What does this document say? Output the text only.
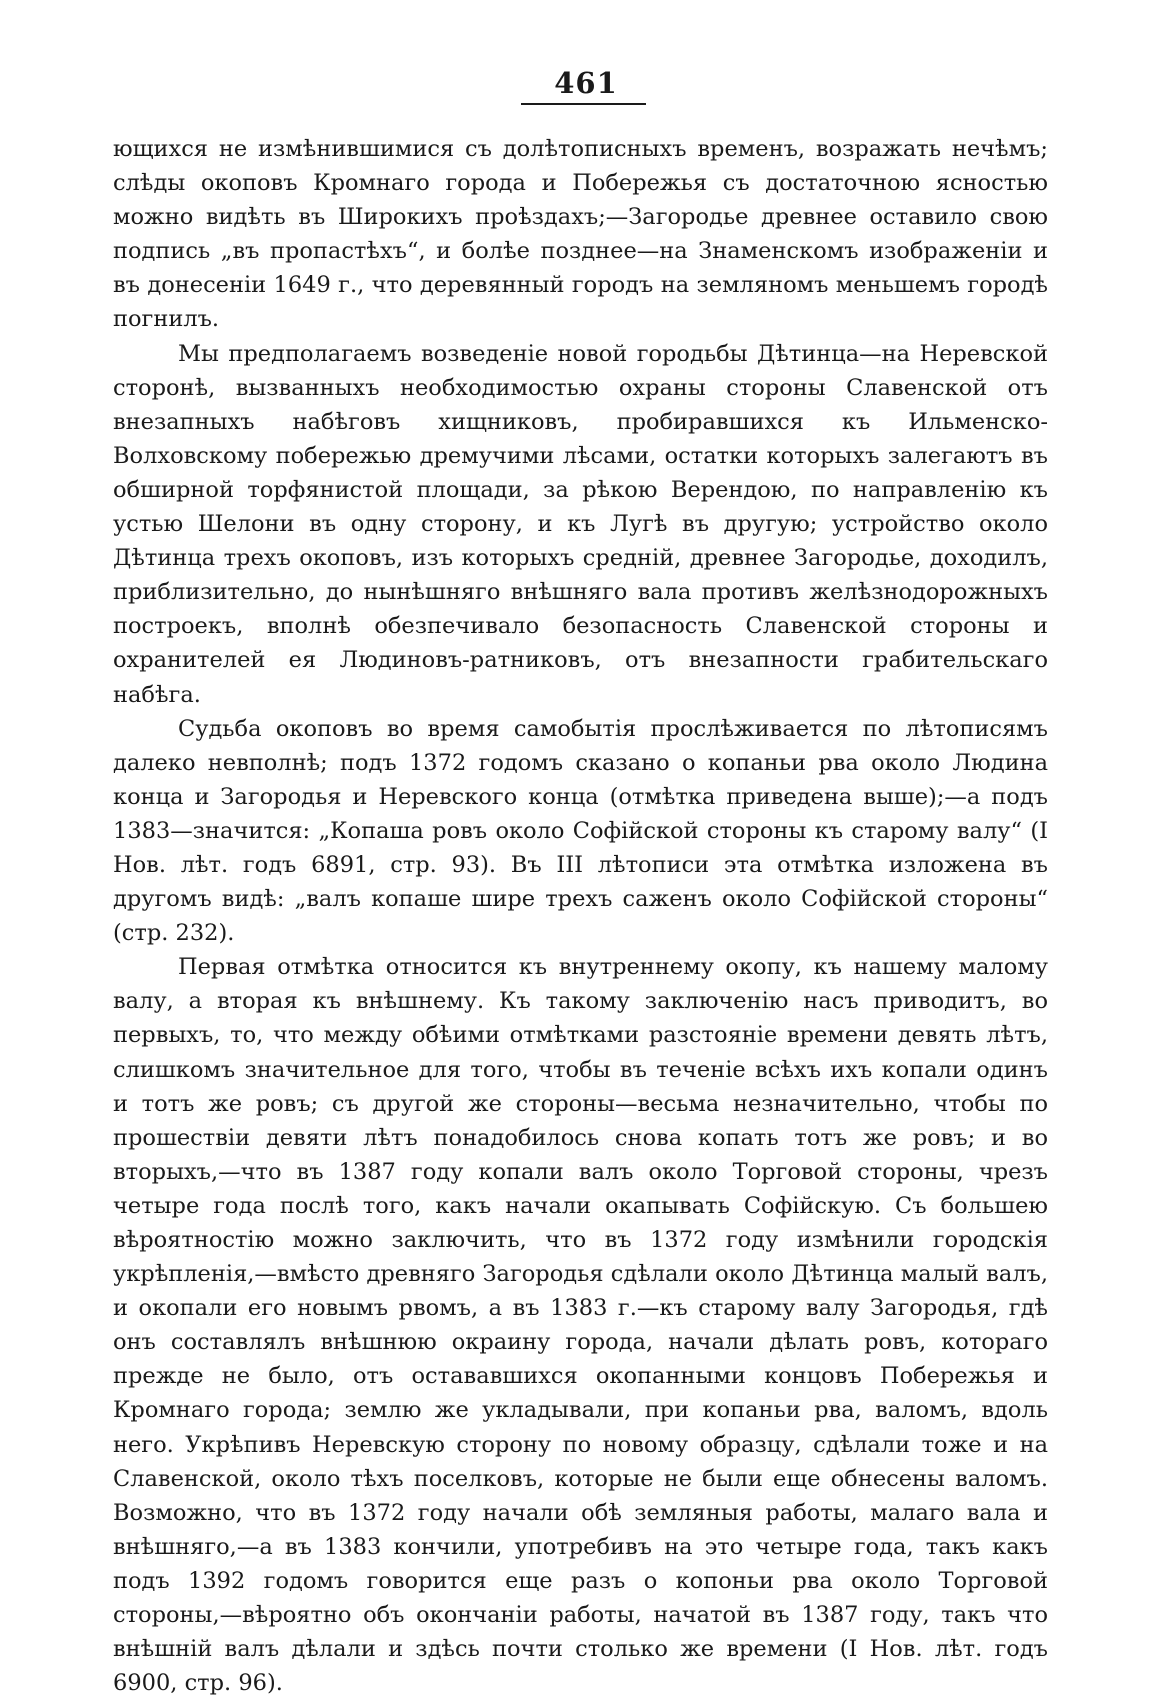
461

ющихся не измѣнившимися съ долѣтописныхъ временъ, возражать нечѣмъ; слѣды окоповъ Кромнаго города и Побережья съ достаточною ясностью можно видѣть въ Широкихъ проѣздахъ;—Загородье древнее оставило свою подпись „въ пропастѣхъ“, и болѣе позднее—на Знаменскомъ изображенiи и въ донесенiи 1649 г., что деревянный городъ на земляномъ меньшемъ городѣ погнилъ.

Мы предполагаемъ возведенiе новой городьбы Дѣтинца—на Неревской сторонѣ, вызванныхъ необходимостью охраны стороны Славенской отъ внезапныхъ набѣговъ хищниковъ, пробиравшихся къ Ильменско-Волховскому побережью дремучими лѣсами, остатки которыхъ залегаютъ въ обширной торфянистой площади, за рѣкою Верендою, по направленiю къ устью Шелони въ одну сторону, и къ Лугѣ въ другую; устройство около Дѣтинца трехъ окоповъ, изъ которыхъ средній, древнее Загородье, доходилъ, приблизительно, до нынѣшняго внѣшняго вала противъ желѣзнодорожныхъ построекъ, вполнѣ обезпечивало безопасность Славенской стороны и охранителей ея Людиновъ-ратниковъ, отъ внезапности грабительскаго набѣга.

Судьба окоповъ во время самобытiя прослѣживается по лѣтописямъ далеко невполнѣ; подъ 1372 годомъ сказано о копаньи рва около Людина конца и Загородья и Неревского конца (отмѣтка приведена выше);—а подъ 1383—значится: „Копаша ровъ около Софiйской стороны къ старому валу“ (I Нов. лѣт. годъ 6891, стр. 93). Въ III лѣтописи эта отмѣтка изложена въ другомъ видѣ: „валъ копаше шире трехъ саженъ около Софiйской стороны“ (стр. 232).

Первая отмѣтка относится къ внутреннему окопу, къ нашему малому валу, а вторая къ внѣшнему. Къ такому заключенiю насъ приводитъ, во первыхъ, то, что между обѣими отмѣтками разстоянiе времени девять лѣтъ, слишкомъ значительное для того, чтобы въ теченiе всѣхъ ихъ копали одинъ и тотъ же ровъ; съ другой же стороны—весьма незначительно, чтобы по прошествiи девяти лѣтъ понадобилось снова копать тотъ же ровъ; и во вторыхъ,—что въ 1387 году копали валъ около Торговой стороны, чрезъ четыре года послѣ того, какъ начали окапывать Софiйскую. Съ большею вѣроятностiю можно заключить, что въ 1372 году измѣнили городскiя укрѣпленiя,—вмѣсто древняго Загородья сдѣлали около Дѣтинца малый валъ, и окопали его новымъ рвомъ, а въ 1383 г.—къ старому валу Загородья, гдѣ онъ составлялъ внѣшнюю окраину города, начали дѣлать ровъ, котораго прежде не было, отъ остававшихся окопанными концовъ Побережья и Кромнаго города; землю же укладывали, при копаньи рва, валомъ, вдоль него. Укрѣпивъ Неревскую сторону по новому образцу, сдѣлали тоже и на Славенской, около тѣхъ поселковъ, которые не были еще обнесены валомъ. Возможно, что въ 1372 году начали обѣ земляныя работы, малаго вала и внѣшняго,—а въ 1383 кончили, употребивъ на это четыре года, такъ какъ подъ 1392 годомъ говорится еще разъ о копоньи рва около Торговой стороны,—вѣроятно объ окончанiи работы, начатой въ 1387 году, такъ что внѣшнiй валъ дѣлали и здѣсь почти столько же времени (I Нов. лѣт. годъ 6900, стр. 96).
